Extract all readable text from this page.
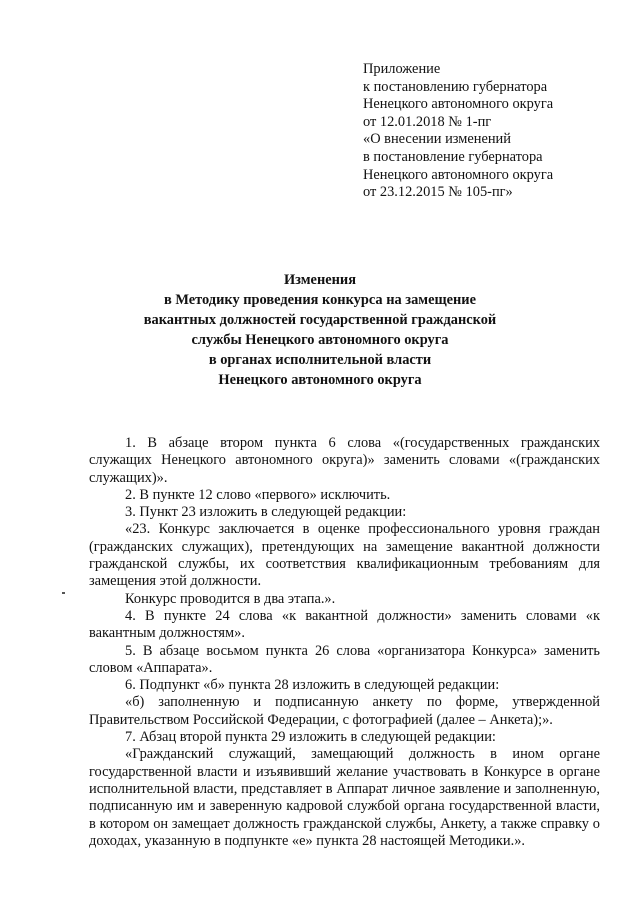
Приложение
к постановлению губернатора
Ненецкого автономного округа
от 12.01.2018 № 1-пг
«О внесении изменений
в постановление губернатора
Ненецкого автономного округа
от 23.12.2015 № 105-пг»
Изменения
в Методику проведения конкурса на замещение
вакантных должностей государственной гражданской
службы Ненецкого автономного округа
в органах исполнительной власти
Ненецкого автономного округа

1. В абзаце втором пункта 6 слова «(государственных гражданских служащих Ненецкого автономного округа)» заменить словами «(гражданских служащих)».

2. В пункте 12 слово «первого» исключить.

3. Пункт 23 изложить в следующей редакции:

«23. Конкурс заключается в оценке профессионального уровня граждан (гражданских служащих), претендующих на замещение вакантной должности гражданской службы, их соответствия квалификационным требованиям для замещения этой должности.

Конкурс проводится в два этапа.».

4. В пункте 24 слова «к вакантной должности» заменить словами «к вакантным должностям».

5. В абзаце восьмом пункта 26 слова «организатора Конкурса» заменить словом «Аппарата».

6. Подпункт «б» пункта 28 изложить в следующей редакции:

«б) заполненную и подписанную анкету по форме, утвержденной Правительством Российской Федерации, с фотографией (далее – Анкета);».

7. Абзац второй пункта 29 изложить в следующей редакции:

«Гражданский служащий, замещающий должность в ином органе государственной власти и изъявивший желание участвовать в Конкурсе в органе исполнительной власти, представляет в Аппарат личное заявление и заполненную, подписанную им и заверенную кадровой службой органа государственной власти, в котором он замещает должность гражданской службы, Анкету, а также справку о доходах, указанную в подпункте «е» пункта 28 настоящей Методики.».
